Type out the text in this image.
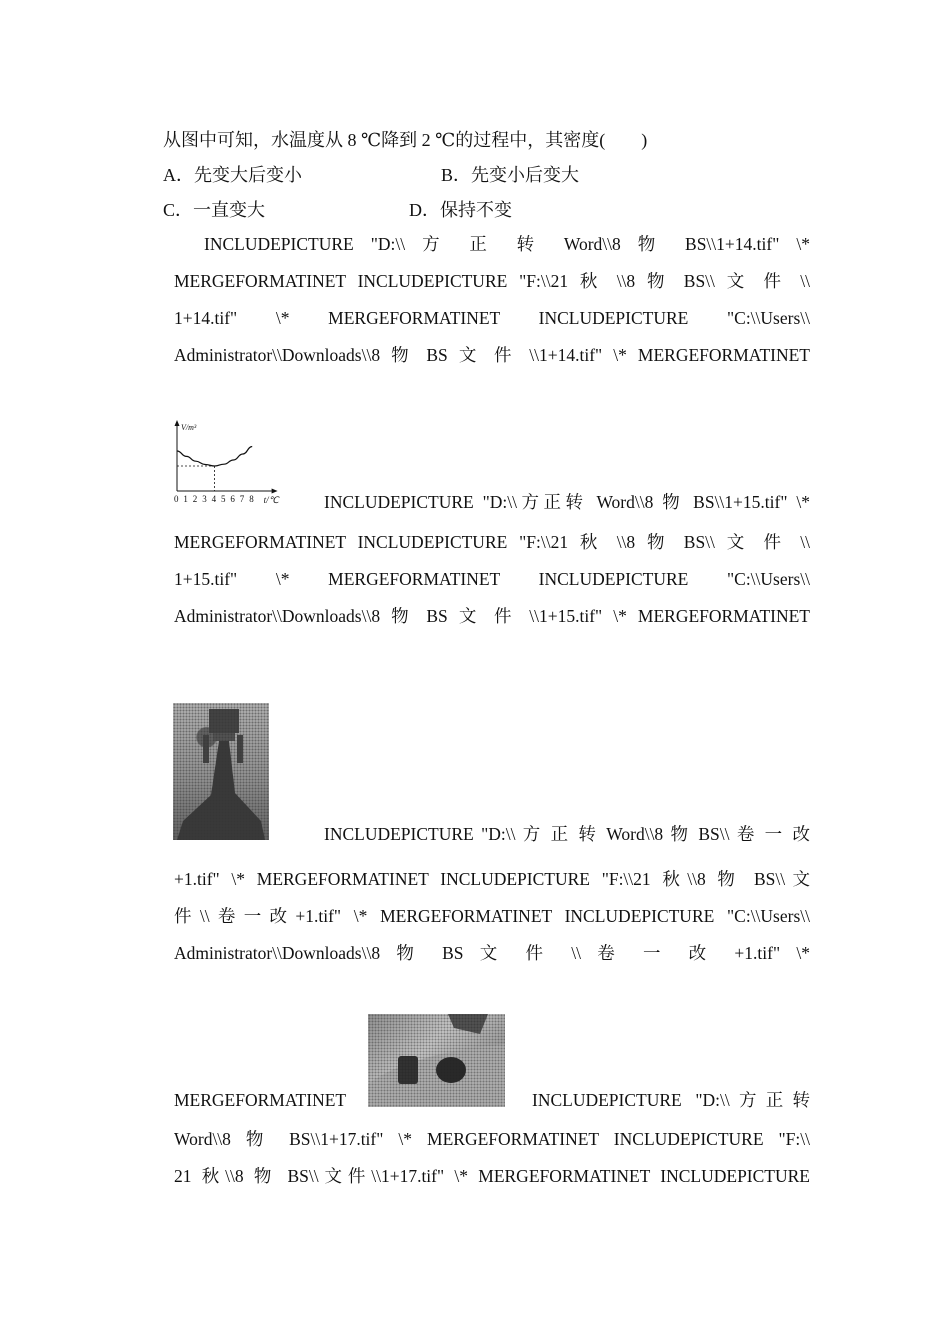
从图中可知，水温度从 8 ℃降到 2 ℃的过程中，其密度(　　)
A．先变大后变小	B．先变小后变大
C．一直变大	D．保持不变
INCLUDEPICTURE "D:\\ 方 正 转 Word\\8 物 BS\\1+14.tif" \*
MERGEFORMATINET INCLUDEPICTURE "F:\\21 秋 \\8 物 BS\\ 文 件 \\
1+14.tif" \* MERGEFORMATINET INCLUDEPICTURE "C:\\Users\\
Administrator\\Downloads\\8 物 BS 文 件 \\1+14.tif" \* MERGEFORMATINET
V/m³
t/℃
0 1 2 3 4 5 6 7 8	INCLUDEPICTURE "D:\\方正转 Word\\8 物 BS\\1+15.tif" \*
MERGEFORMATINET INCLUDEPICTURE "F:\\21 秋 \\8 物 BS\\ 文 件 \\
1+15.tif" \* MERGEFORMATINET INCLUDEPICTURE "C:\\Users\\
Administrator\\Downloads\\8 物 BS 文 件 \\1+15.tif" \* MERGEFORMATINET
INCLUDEPICTURE "D:\\ 方 正 转 Word\\8 物 BS\\ 卷 一 改
+1.tif" \* MERGEFORMATINET INCLUDEPICTURE "F:\\21 秋\\8 物 BS\\文
件\\卷一改+1.tif" \* MERGEFORMATINET INCLUDEPICTURE "C:\\Users\\
Administrator\\Downloads\\8 物 BS 文 件 \\ 卷 一 改 +1.tif" \*
MERGEFORMATINET	INCLUDEPICTURE "D:\\方正转
Word\\8 物 BS\\1+17.tif" \* MERGEFORMATINET INCLUDEPICTURE "F:\\
21 秋\\8 物 BS\\文件\\1+17.tif" \* MERGEFORMATINET INCLUDEPICTURE
